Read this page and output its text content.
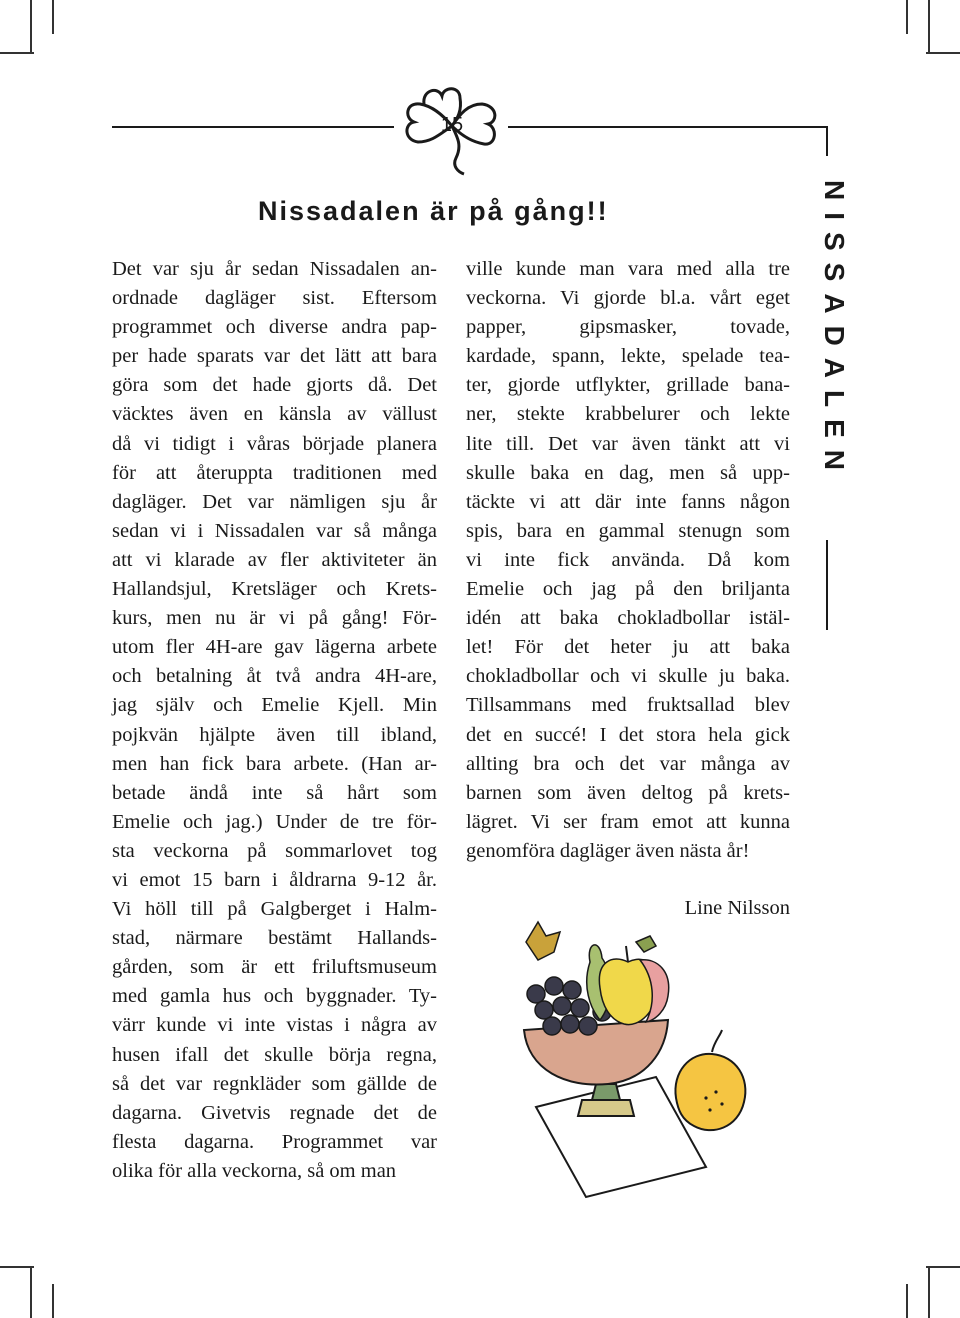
15
Nissadalen är på gång!!
Det var sju år sedan Nissadalen an-
ordnade dagläger sist. Eftersom
programmet och diverse andra pap-
per hade sparats var det lätt att bara
göra som det hade gjorts då. Det
väcktes även en känsla av vällust
då vi tidigt i våras började planera
för att återuppta traditionen med
dagläger. Det var nämligen sju år
sedan vi i Nissadalen var så många
att vi klarade av fler aktiviteter än
Hallandsjul, Kretsläger och Krets-
kurs, men nu är vi på gång! För-
utom fler 4H-are gav lägerna arbete
och betalning åt två andra 4H-are,
jag själv och Emelie Kjell. Min
pojkvän hjälpte även till ibland,
men han fick bara arbete. (Han ar-
betade ändå inte så hårt som
Emelie och jag.) Under de tre för-
sta veckorna på sommarlovet tog
vi emot 15 barn i åldrarna 9-12 år.
Vi höll till på Galgberget i Halm-
stad, närmare bestämt Hallands-
gården, som är ett friluftsmuseum
med gamla hus och byggnader. Ty-
värr kunde vi inte vistas i några av
husen ifall det skulle börja regna,
så det var regnkläder som gällde de
dagarna. Givetvis regnade det de
flesta dagarna. Programmet var
olika för alla veckorna, så om man
ville kunde man vara med alla tre
veckorna. Vi gjorde bl.a. vårt eget
papper, gipsmasker, tovade,
kardade, spann, lekte, spelade tea-
ter, gjorde utflykter, grillade bana-
ner, stekte krabbelurer och lekte
lite till. Det var även tänkt att vi
skulle baka en dag, men så upp-
täckte vi att där inte fanns någon
spis, bara en gammal stenugn som
vi inte fick använda. Då kom
Emelie och jag på den briljanta
idén att baka chokladbollar istäl-
let! För det heter ju att baka
chokladbollar och vi skulle ju baka.
Tillsammans med fruktsallad blev
det en succé! I det stora hela gick
allting bra och det var många av
barnen som även deltog på krets-
lägret. Vi ser fram emot att kunna
genomföra dagläger även nästa år!
Line Nilsson
NISSADALEN
